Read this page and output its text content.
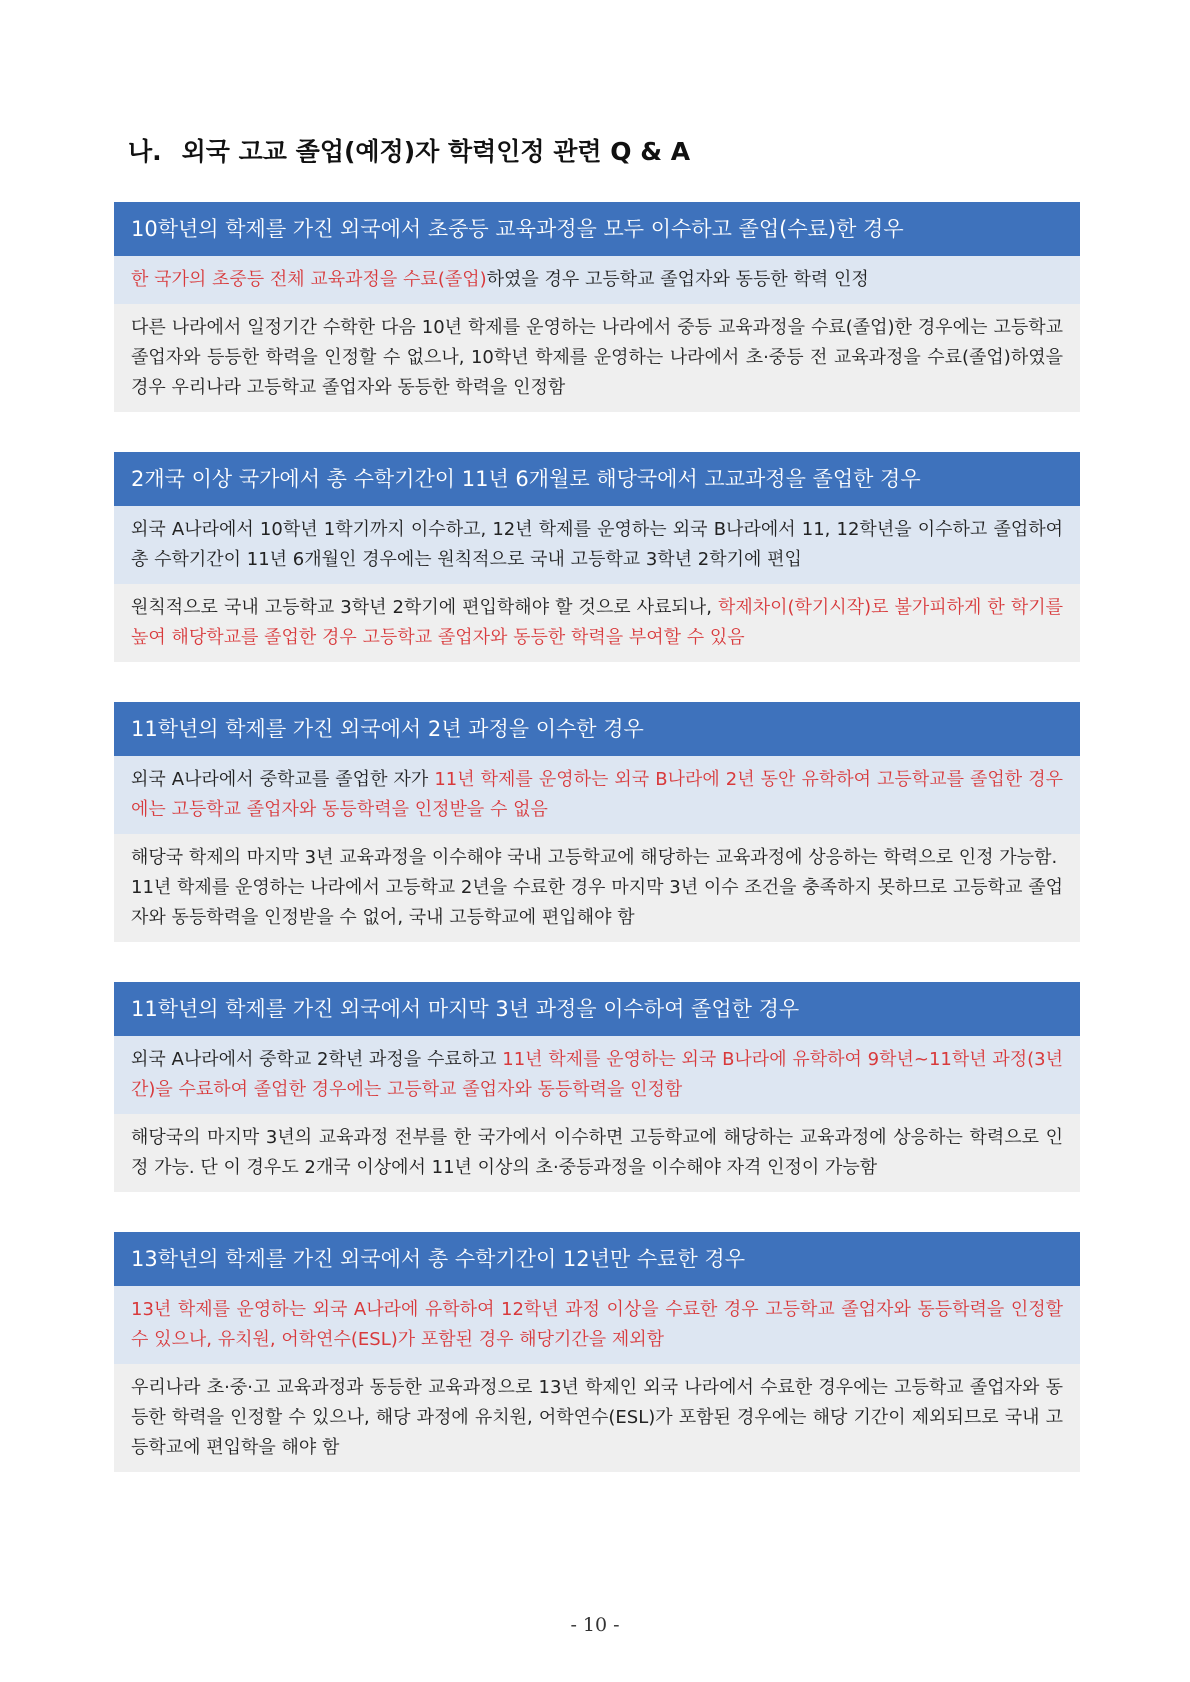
나. 외국 고교 졸업(예정)자 학력인정 관련 Q & A
10학년의 학제를 가진 외국에서 초중등 교육과정을 모두 이수하고 졸업(수료)한 경우
한 국가의 초중등 전체 교육과정을 수료(졸업)하였을 경우 고등학교 졸업자와 동등한 학력 인정

다른 나라에서 일정기간 수학한 다음 10년 학제를 운영하는 나라에서 중등 교육과정을 수료(졸업)한 경우에는 고등학교 졸업자와 등등한 학력을 인정할 수 없으나, 10학년 학제를 운영하는 나라에서 초·중등 전 교육과정을 수료(졸업)하였을 경우 우리나라 고등학교 졸업자와 동등한 학력을 인정함

2개국 이상 국가에서 총 수학기간이 11년 6개월로 해당국에서 고교과정을 졸업한 경우
외국 A나라에서 10학년 1학기까지 이수하고, 12년 학제를 운영하는 외국 B나라에서 11, 12학년을 이수하고 졸업하여 총 수학기간이 11년 6개월인 경우에는 원칙적으로 국내 고등학교 3학년 2학기에 편입

원칙적으로 국내 고등학교 3학년 2학기에 편입학해야 할 것으로 사료되나, 학제차이(학기시작)로 불가피하게 한 학기를 높여 해당학교를 졸업한 경우 고등학교 졸업자와 동등한 학력을 부여할 수 있음

11학년의 학제를 가진 외국에서 2년 과정을 이수한 경우
외국 A나라에서 중학교를 졸업한 자가 11년 학제를 운영하는 외국 B나라에 2년 동안 유학하여 고등학교를 졸업한 경우에는 고등학교 졸업자와 동등학력을 인정받을 수 없음

해당국 학제의 마지막 3년 교육과정을 이수해야 국내 고등학교에 해당하는 교육과정에 상응하는 학력으로 인정 가능함.

11년 학제를 운영하는 나라에서 고등학교 2년을 수료한 경우 마지막 3년 이수 조건을 충족하지 못하므로 고등학교 졸업자와 동등학력을 인정받을 수 없어, 국내 고등학교에 편입해야 함

11학년의 학제를 가진 외국에서 마지막 3년 과정을 이수하여 졸업한 경우
외국 A나라에서 중학교 2학년 과정을 수료하고 11년 학제를 운영하는 외국 B나라에 유학하여 9학년~11학년 과정(3년간)을 수료하여 졸업한 경우에는 고등학교 졸업자와 동등학력을 인정함

해당국의 마지막 3년의 교육과정 전부를 한 국가에서 이수하면 고등학교에 해당하는 교육과정에 상응하는 학력으로 인정 가능. 단 이 경우도 2개국 이상에서 11년 이상의 초·중등과정을 이수해야 자격 인정이 가능함

13학년의 학제를 가진 외국에서 총 수학기간이 12년만 수료한 경우
13년 학제를 운영하는 외국 A나라에 유학하여 12학년 과정 이상을 수료한 경우 고등학교 졸업자와 동등학력을 인정할 수 있으나, 유치원, 어학연수(ESL)가 포함된 경우 해당기간을 제외함

우리나라 초·중·고 교육과정과 동등한 교육과정으로 13년 학제인 외국 나라에서 수료한 경우에는 고등학교 졸업자와 동등한 학력을 인정할 수 있으나, 해당 과정에 유치원, 어학연수(ESL)가 포함된 경우에는 해당 기간이 제외되므로 국내 고등학교에 편입학을 해야 함

- 10 -
